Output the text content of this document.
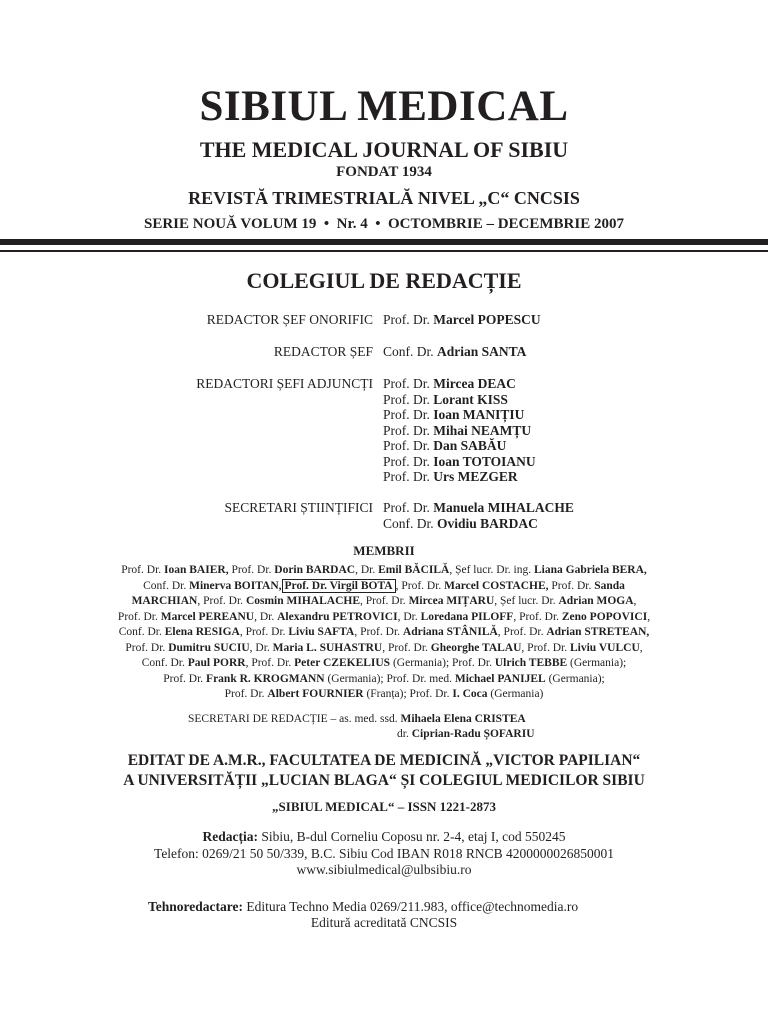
SIBIUL MEDICAL
THE MEDICAL JOURNAL OF SIBIU
FONDAT 1934
REVISTĂ TRIMESTRIALĂ NIVEL „C“ CNCSIS
SERIE NOUĂ VOLUM 19  •  Nr. 4  •  OCTOMBRIE – DECEMBRIE 2007
COLEGIUL DE REDACȚIE
REDACTOR ȘEF ONORIFIC Prof. Dr. Marcel POPESCU
REDACTOR ȘEF Conf. Dr. Adrian SANTA
REDACTORI ȘEFI ADJUNCȚI Prof. Dr. Mircea DEAC
Prof. Dr. Lorant KISS
Prof. Dr. Ioan MANIȚIU
Prof. Dr. Mihai NEAMȚU
Prof. Dr. Dan SABĂU
Prof. Dr. Ioan TOTOIANU
Prof. Dr. Urs MEZGER
SECRETARI ȘTIINȚIFICI Prof. Dr. Manuela MIHALACHE
Conf. Dr. Ovidiu BARDAC
MEMBRII
Prof. Dr. Ioan BAIER, Prof. Dr. Dorin BARDAC, Dr. Emil BĂCILĂ, Șef lucr. Dr. ing. Liana Gabriela BERA,
Conf. Dr. Minerva BOITAN, Prof. Dr. Virgil BOTA , Prof. Dr. Marcel COSTACHE, Prof. Dr. Sanda
MARCHIAN, Prof. Dr. Cosmin MIHALACHE, Prof. Dr. Mircea MIȚARU, Șef lucr. Dr. Adrian MOGA,
Prof. Dr. Marcel PEREANU, Dr. Alexandru PETROVICI, Dr. Loredana PILOFF, Prof. Dr. Zeno POPOVICI,
Conf. Dr. Elena RESIGA, Prof. Dr. Liviu SAFTA, Prof. Dr. Adriana STÂNILĂ, Prof. Dr. Adrian STRETEAN,
Prof. Dr. Dumitru SUCIU, Dr. Maria L. SUHASTRU, Prof. Dr. Gheorghe TALAU, Prof. Dr. Liviu VULCU,
Conf. Dr. Paul PORR, Prof. Dr. Peter CZEKELIUS (Germania); Prof. Dr. Ulrich TEBBE (Germania);
Prof. Dr. Frank R. KROGMANN (Germania); Prof. Dr. med. Michael PANIJEL (Germania);
Prof. Dr. Albert FOURNIER (Franța); Prof. Dr. I. Coca (Germania)
SECRETARI DE REDACȚIE – as. med. ssd. Mihaela Elena CRISTEA
dr. Ciprian-Radu ȘOFARIU
EDITAT DE A.M.R., FACULTATEA DE MEDICINĂ „VICTOR PAPILIAN“
A UNIVERSITĂȚII „LUCIAN BLAGA“ ȘI COLEGIUL MEDICILOR SIBIU
„SIBIUL MEDICAL“ – ISSN 1221-2873
Redacția: Sibiu, B-dul Corneliu Coposu nr. 2-4, etaj I, cod 550245
Telefon: 0269/21 50 50/339, B.C. Sibiu Cod IBAN R018 RNCB 4200000026850001
www.sibiulmedical@ulbsibiu.ro
Tehnoredactare: Editura Techno Media 0269/211.983, office@technomedia.ro
Editură acreditată CNCSIS
